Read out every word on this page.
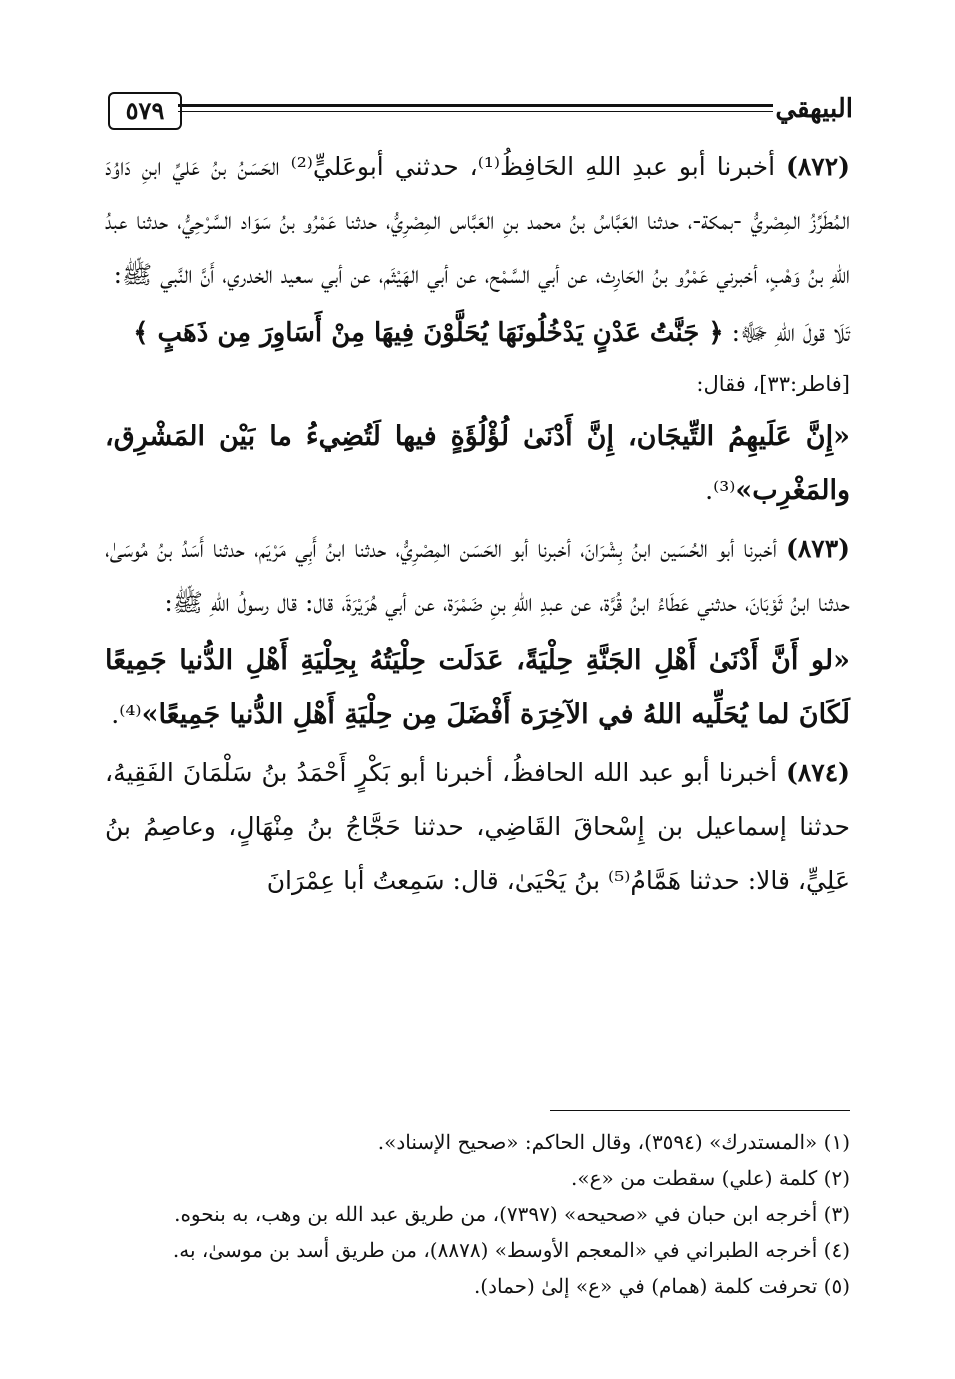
٥٧٩	البيهقي

(٨٧٢) أخبرنا أبو عبدِ اللهِ الحَافِظُ⁽¹⁾، حدثني أبوعَليٍّ⁽²⁾ الحَسَنُ بنُ عَليِّ ابنِ دَاوُدَ المُطَرِّزُ المِصْريُّ -بمكة-، حدثنا العَبَّاسُ بنُ محمد بنِ العَبَّاس المِصْرِيُّ، حدثنا عَمْرُو بنُ سَوَاد السَّرْحِيُّ، حدثنا عبدُ اللهِ بنُ وَهْبٍ، أخبرني عَمْرُو بنُ الحَارِث، عن أبي السَّمْح، عن أبي الهَيْثَم، عن أبي سعيد الخدري، أَنَّ النَّبي ﷺ:

تَلَا قولَ اللهِ ﷻ: ﴿ جَنَّتُ عَدْنٍ يَدْخُلُونَهَا يُحَلَّوْنَ فِيهَا مِنْ أَسَاوِرَ مِن ذَهَبٍ ﴾

[فاطر:٣٣]، فقال:

«إِنَّ عَلَيهِمُ التِّيجَان، إِنَّ أَدْنَىٰ لُؤْلُؤَةٍ فيها لَتُضِيءُ ما بَيْن المَشْرِق، والمَغْرِب»⁽³⁾.

(٨٧٣) أخبرنا أبو الحُسَين ابنُ بِشْرَانَ، أخبرنا أبو الحَسَن المِصْرِيُّ، حدثنا ابنُ أَبِي مَرْيَم، حدثنا أَسَدُ بنُ مُوسَىٰ، حدثنا ابنُ ثَوْبَانَ، حدثني عَطَاءُ ابنُ قُرَّة، عن عبدِ اللهِ بنِ ضَمْرَة، عن أبي هُرَيْرَةَ، قال: قال رسولُ اللهِ ﷺ:

«لو أَنَّ أَدْنَىٰ أَهْلِ الجَنَّةِ حِلْيَةً، عَدَلَت حِلْيَتُهُ بِحِلْيَةِ أَهْلِ الدُّنيا جَمِيعًا لَكَانَ لما يُحَلِّيه اللهُ في الآخِرَة أَفْضَلَ مِن حِلْيَةِ أَهْلِ الدُّنيا جَمِيعًا»⁽⁴⁾.

(٨٧٤) أخبرنا أبو عبد الله الحافظُ، أخبرنا أبو بَكْرٍ أَحْمَدُ بنُ سَلْمَانَ الفَقِيهُ، حدثنا إسماعيل بن إِسْحاقَ القَاضِي، حدثنا حَجَّاجُ بنُ مِنْهَالٍ، وعاصِمُ بنُ عَلِيٍّ، قالا: حدثنا هَمَّامُ⁽⁵⁾ بنُ يَحْيَىٰ، قال: سَمِعتُ أبا عِمْرَانَ

(١) «المستدرك» (٣٥٩٤)، وقال الحاكم: «صحيح الإسناد».
(٢) كلمة (علي) سقطت من «ع».
(٣) أخرجه ابن حبان في «صحيحه» (٧٣٩٧)، من طريق عبد الله بن وهب، به بنحوه.
(٤) أخرجه الطبراني في «المعجم الأوسط» (٨٨٧٨)، من طريق أسد بن موسىٰ، به.
(٥) تحرفت كلمة (همام) في «ع» إلىٰ (حماد).
